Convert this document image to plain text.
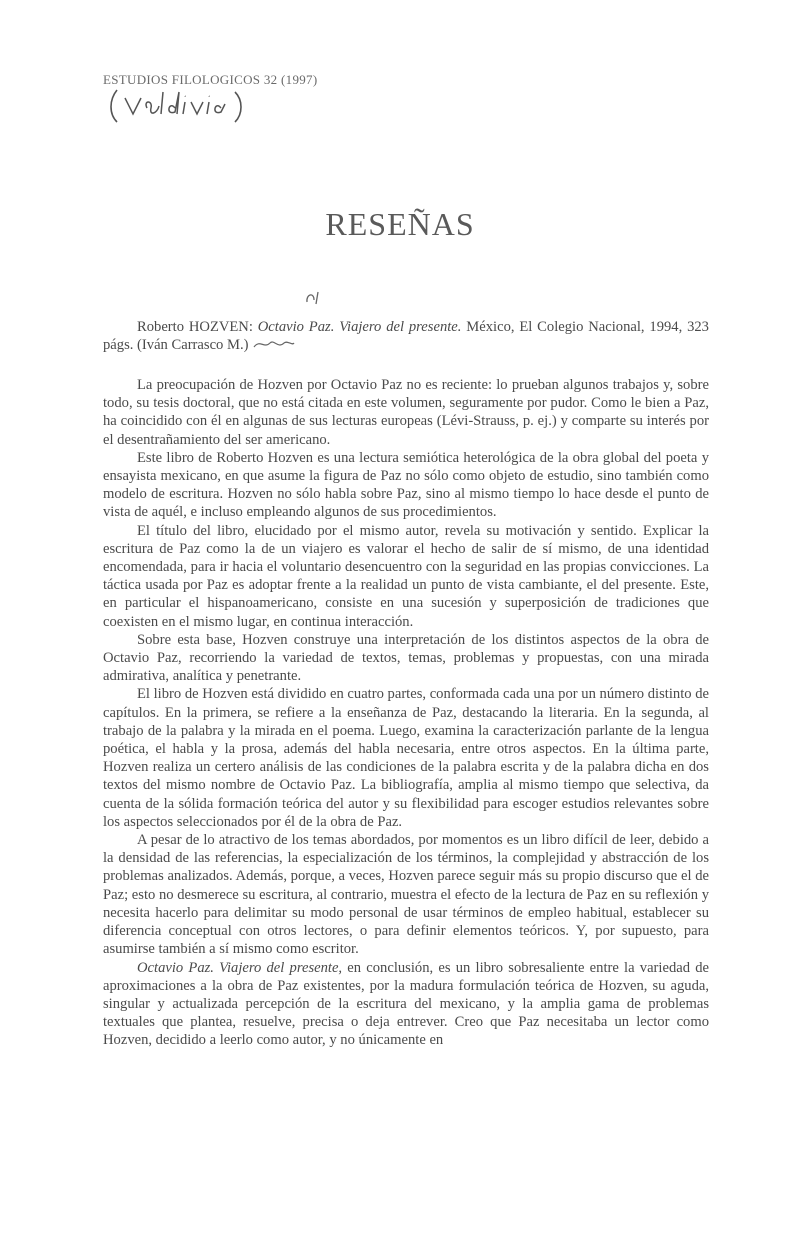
ESTUDIOS FILOLOGICOS 32 (1997)
RESEÑAS
Roberto HOZVEN: Octavio Paz. Viajero del presente. México, El Colegio Nacional, 1994, 323 págs. (Iván Carrasco M.)

La preocupación de Hozven por Octavio Paz no es reciente: lo prueban algunos trabajos y, sobre todo, su tesis doctoral, que no está citada en este volumen, seguramente por pudor. Como le bien a Paz, ha coincidido con él en algunas de sus lecturas europeas (Lévi-Strauss, p. ej.) y comparte su interés por el desentrañamiento del ser americano.

Este libro de Roberto Hozven es una lectura semiótica heterológica de la obra global del poeta y ensayista mexicano, en que asume la figura de Paz no sólo como objeto de estudio, sino también como modelo de escritura. Hozven no sólo habla sobre Paz, sino al mismo tiempo lo hace desde el punto de vista de aquél, e incluso empleando algunos de sus procedimientos.

El título del libro, elucidado por el mismo autor, revela su motivación y sentido. Explicar la escritura de Paz como la de un viajero es valorar el hecho de salir de sí mismo, de una identidad encomendada, para ir hacia el voluntario desencuentro con la seguridad en las propias convicciones. La táctica usada por Paz es adoptar frente a la realidad un punto de vista cambiante, el del presente. Este, en particular el hispanoamericano, consiste en una sucesión y superposición de tradiciones que coexisten en el mismo lugar, en continua interacción.

Sobre esta base, Hozven construye una interpretación de los distintos aspectos de la obra de Octavio Paz, recorriendo la variedad de textos, temas, problemas y propuestas, con una mirada admirativa, analítica y penetrante.

El libro de Hozven está dividido en cuatro partes, conformada cada una por un número distinto de capítulos. En la primera, se refiere a la enseñanza de Paz, destacando la literaria. En la segunda, al trabajo de la palabra y la mirada en el poema. Luego, examina la caracterización parlante de la lengua poética, el habla y la prosa, además del habla necesaria, entre otros aspectos. En la última parte, Hozven realiza un certero análisis de las condiciones de la palabra escrita y de la palabra dicha en dos textos del mismo nombre de Octavio Paz. La bibliografía, amplia al mismo tiempo que selectiva, da cuenta de la sólida formación teórica del autor y su flexibilidad para escoger estudios relevantes sobre los aspectos seleccionados por él de la obra de Paz.

A pesar de lo atractivo de los temas abordados, por momentos es un libro difícil de leer, debido a la densidad de las referencias, la especialización de los términos, la complejidad y abstracción de los problemas analizados. Además, porque, a veces, Hozven parece seguir más su propio discurso que el de Paz; esto no desmerece su escritura, al contrario, muestra el efecto de la lectura de Paz en su reflexión y necesita hacerlo para delimitar su modo personal de usar términos de empleo habitual, establecer su diferencia conceptual con otros lectores, o para definir elementos teóricos. Y, por supuesto, para asumirse también a sí mismo como escritor.

Octavio Paz. Viajero del presente, en conclusión, es un libro sobresaliente entre la variedad de aproximaciones a la obra de Paz existentes, por la madura formulación teórica de Hozven, su aguda, singular y actualizada percepción de la escritura del mexicano, y la amplia gama de problemas textuales que plantea, resuelve, precisa o deja entrever. Creo que Paz necesitaba un lector como Hozven, decidido a leerlo como autor, y no únicamente en
